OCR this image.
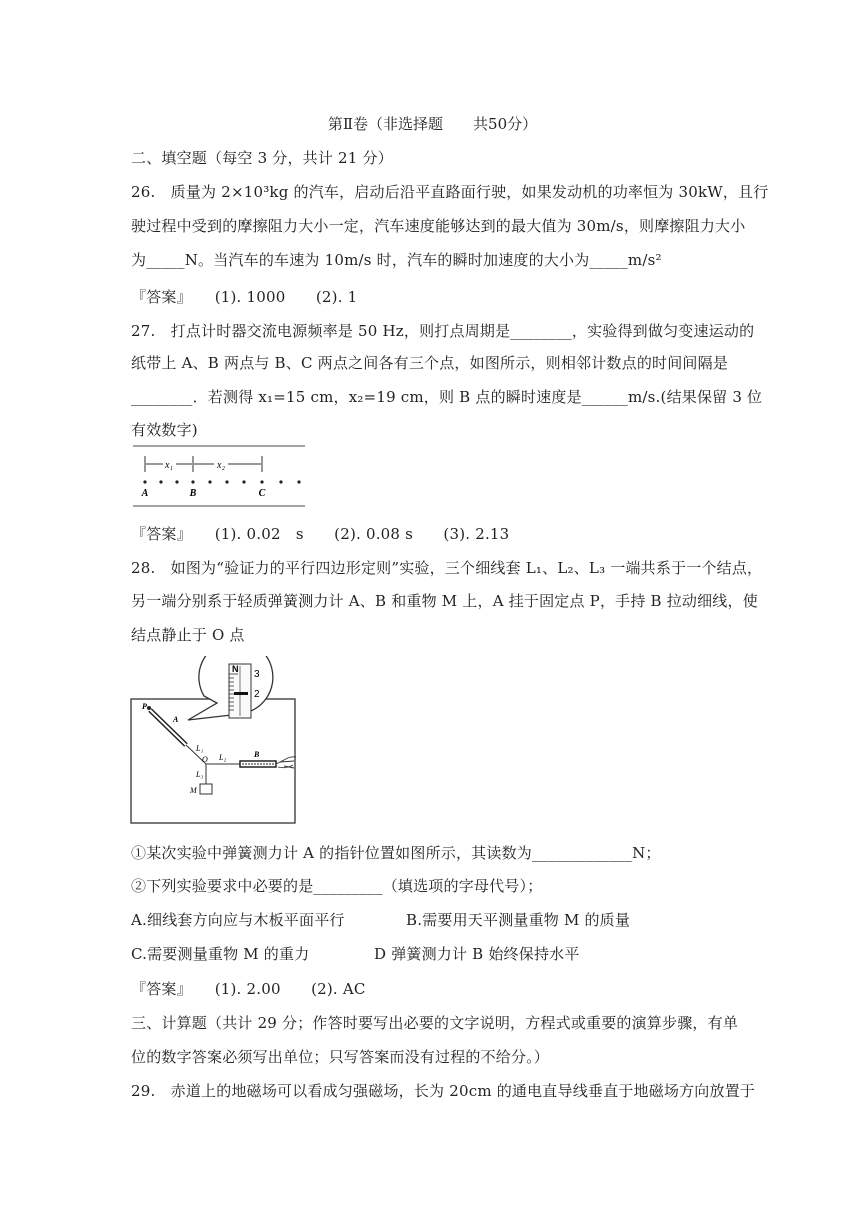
第Ⅱ卷（非选择题　　共50分）
二、填空题（每空 3 分，共计 21 分）
26.　质量为 2×10³kg 的汽车，启动后沿平直路面行驶，如果发动机的功率恒为 30kW，且行
驶过程中受到的摩擦阻力大小一定，汽车速度能够达到的最大值为 30m/s，则摩擦阻力大小
为_____N。当汽车的车速为 10m/s 时，汽车的瞬时加速度的大小为_____m/s²
『答案』　　(1). 1000　　(2). 1
27.　打点计时器交流电源频率是 50 Hz，则打点周期是________，实验得到做匀变速运动的
纸带上 A、B 两点与 B、C 两点之间各有三个点，如图所示，则相邻计数点的时间间隔是
________．若测得 x₁=15 cm，x₂=19 cm，则 B 点的瞬时速度是______m/s.(结果保留 3 位
有效数字)
x₁	x₂
A	B	C
『答案』　　(1). 0.02　s　　(2). 0.08 s　　(3). 2.13
28.　如图为“验证力的平行四边形定则”实验，三个细线套 L₁、L₂、L₃ 一端共系于一个结点，
另一端分别系于轻质弹簧测力计 A、B 和重物 M 上，A 挂于固定点 P，手持 B 拉动细线，使
结点静止于 O 点
N 3
2
P
A
L₁
O L₂	B
L₃
M
①某次实验中弹簧测力计 A 的指针位置如图所示，其读数为_____________N；
②下列实验要求中必要的是_________（填选项的字母代号）；
A.细线套方向应与木板平面平行	B.需要用天平测量重物 M 的质量
C.需要测量重物 M 的重力	D 弹簧测力计 B 始终保持水平
『答案』　　(1). 2.00　　(2). AC
三、计算题（共计 29 分；作答时要写出必要的文字说明，方程式或重要的演算步骤，有单
位的数字答案必须写出单位；只写答案而没有过程的不给分。）
29.　赤道上的地磁场可以看成匀强磁场，长为 20cm 的通电直导线垂直于地磁场方向放置于
